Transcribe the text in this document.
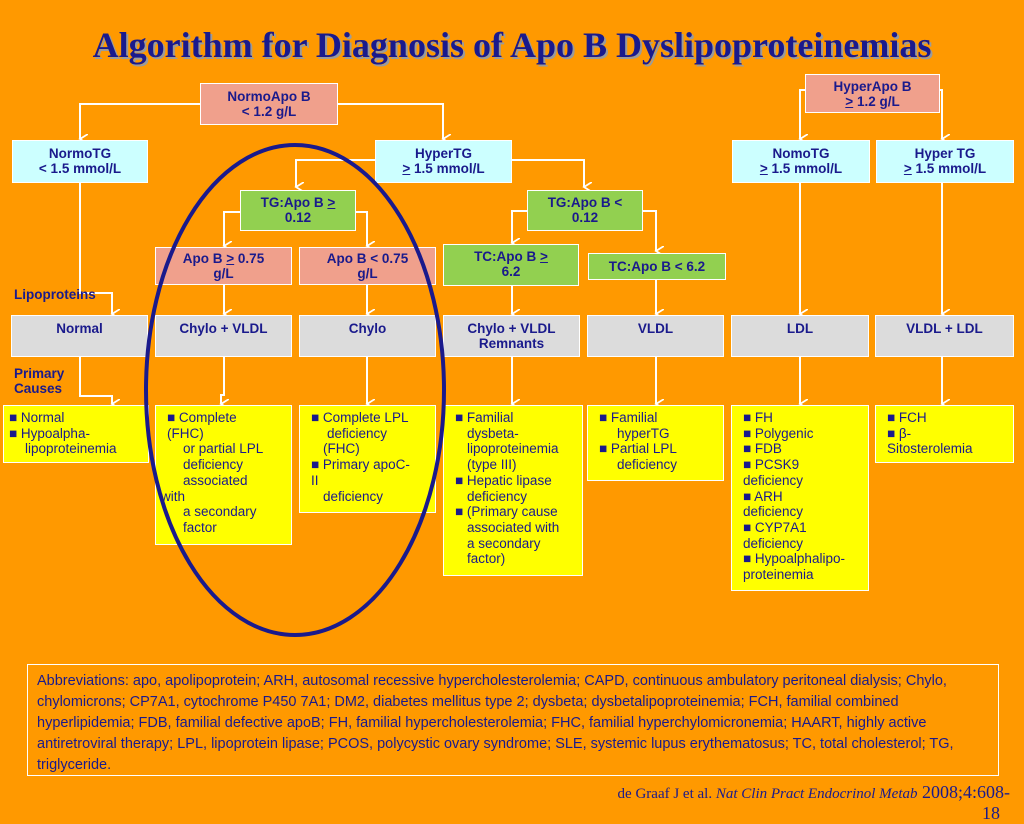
Algorithm for Diagnosis of Apo B Dyslipoproteinemias
NormoApo B
< 1.2 g/L
HyperApo B
≥ 1.2 g/L
NormoTG
< 1.5 mmol/L
HyperTG
≥ 1.5 mmol/L
NomoTG
≥ 1.5 mmol/L
Hyper TG
≥ 1.5 mmol/L
TG:Apo B >
0.12
TG:Apo B <
0.12
Apo B ≥ 0.75
g/L
Apo B < 0.75
g/L
TC:Apo B >
6.2	TC:Apo B < 6.2
Lipoproteins
Primary
Causes
Normal	Chylo + VLDL	Chylo	Chylo + VLDL Remnants
VLDL	LDL	VLDL + LDL
■ Normal
■ Hypoalpha-
lipoproteinemia
■ Complete
(FHC)
or partial LPL
deficiency
associated
with
a secondary
factor
■ Complete LPL
deficiency
(FHC)
■ Primary apoC-
II
deficiency
■ Familial
dysbeta-
lipoproteinemia
(type III)
■ Hepatic lipase
deficiency
■ (Primary cause
associated with
a secondary
factor)
■ Familial
hyperTG
■ Partial LPL
deficiency
■ FH
■ Polygenic
■ FDB
■ PCSK9
deficiency
■ ARH
deficiency
■ CYP7A1
deficiency
■ Hypoalphalipo-
proteinemia
■ FCH
■ β-
Sitosterolemia
Abbreviations: apo, apolipoprotein; ARH, autosomal recessive hypercholesterolemia; CAPD, continuous ambulatory peritoneal dialysis; Chylo, chylomicrons; CP7A1, cytochrome P450 7A1; DM2, diabetes mellitus type 2; dysbeta; dysbetalipoproteinemia; FCH, familial combined hyperlipidemia; FDB, familial defective apoB; FH, familial hypercholesterolemia; FHC, familial hyperchylomicronemia; HAART, highly active antiretroviral therapy; LPL, lipoprotein lipase; PCOS, polycystic ovary syndrome; SLE, systemic lupus erythematosus; TC, total cholesterol; TG, triglyceride.
de Graaf J et al. Nat Clin Pract Endocrinol Metab 2008;4:608-
18
